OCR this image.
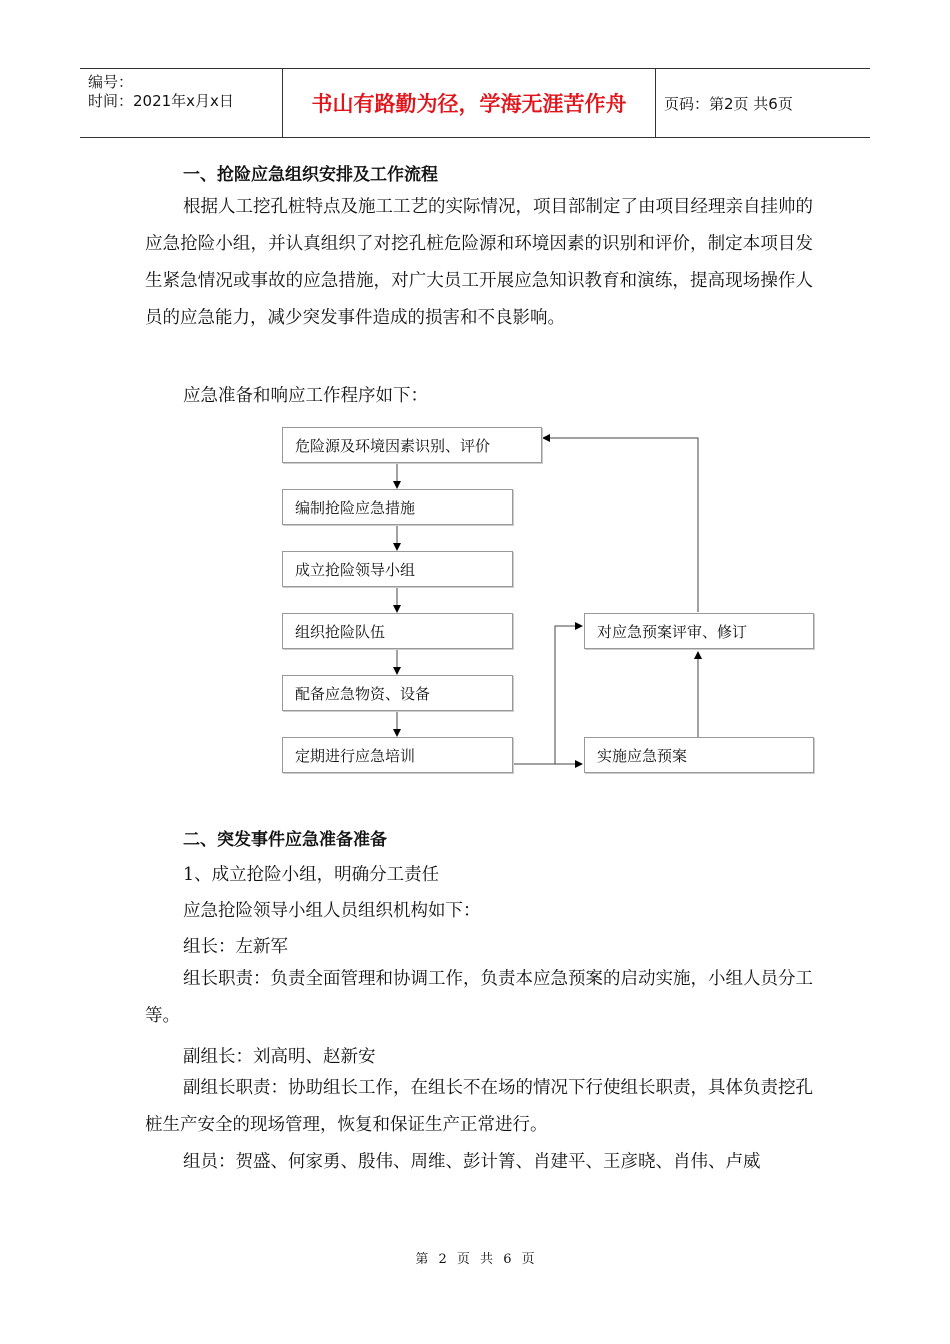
编号：
时间：2021年x月x日	书山有路勤为径，学海无涯苦作舟	页码：第2页 共6页
一、抢险应急组织安排及工作流程
根据人工挖孔桩特点及施工工艺的实际情况，项目部制定了由项目经理亲自挂帅的应急抢险小组，并认真组织了对挖孔桩危险源和环境因素的识别和评价，制定本项目发生紧急情况或事故的应急措施，对广大员工开展应急知识教育和演练，提高现场操作人员的应急能力，减少突发事件造成的损害和不良影响。
应急准备和响应工作程序如下：
危险源及环境因素识别、评价
编制抢险应急措施
成立抢险领导小组
组织抢险队伍
配备应急物资、设备
定期进行应急培训
对应急预案评审、修订
实施应急预案
二、突发事件应急准备准备
1、成立抢险小组，明确分工责任
应急抢险领导小组人员组织机构如下：
组长：左新军
组长职责：负责全面管理和协调工作，负责本应急预案的启动实施，小组人员分工等。
副组长：刘高明、赵新安
副组长职责：协助组长工作，在组长不在场的情况下行使组长职责，具体负责挖孔桩生产安全的现场管理，恢复和保证生产正常进行。
组员：贺盛、何家勇、殷伟、周维、彭计箐、肖建平、王彦晓、肖伟、卢威
第 2 页 共 6 页
